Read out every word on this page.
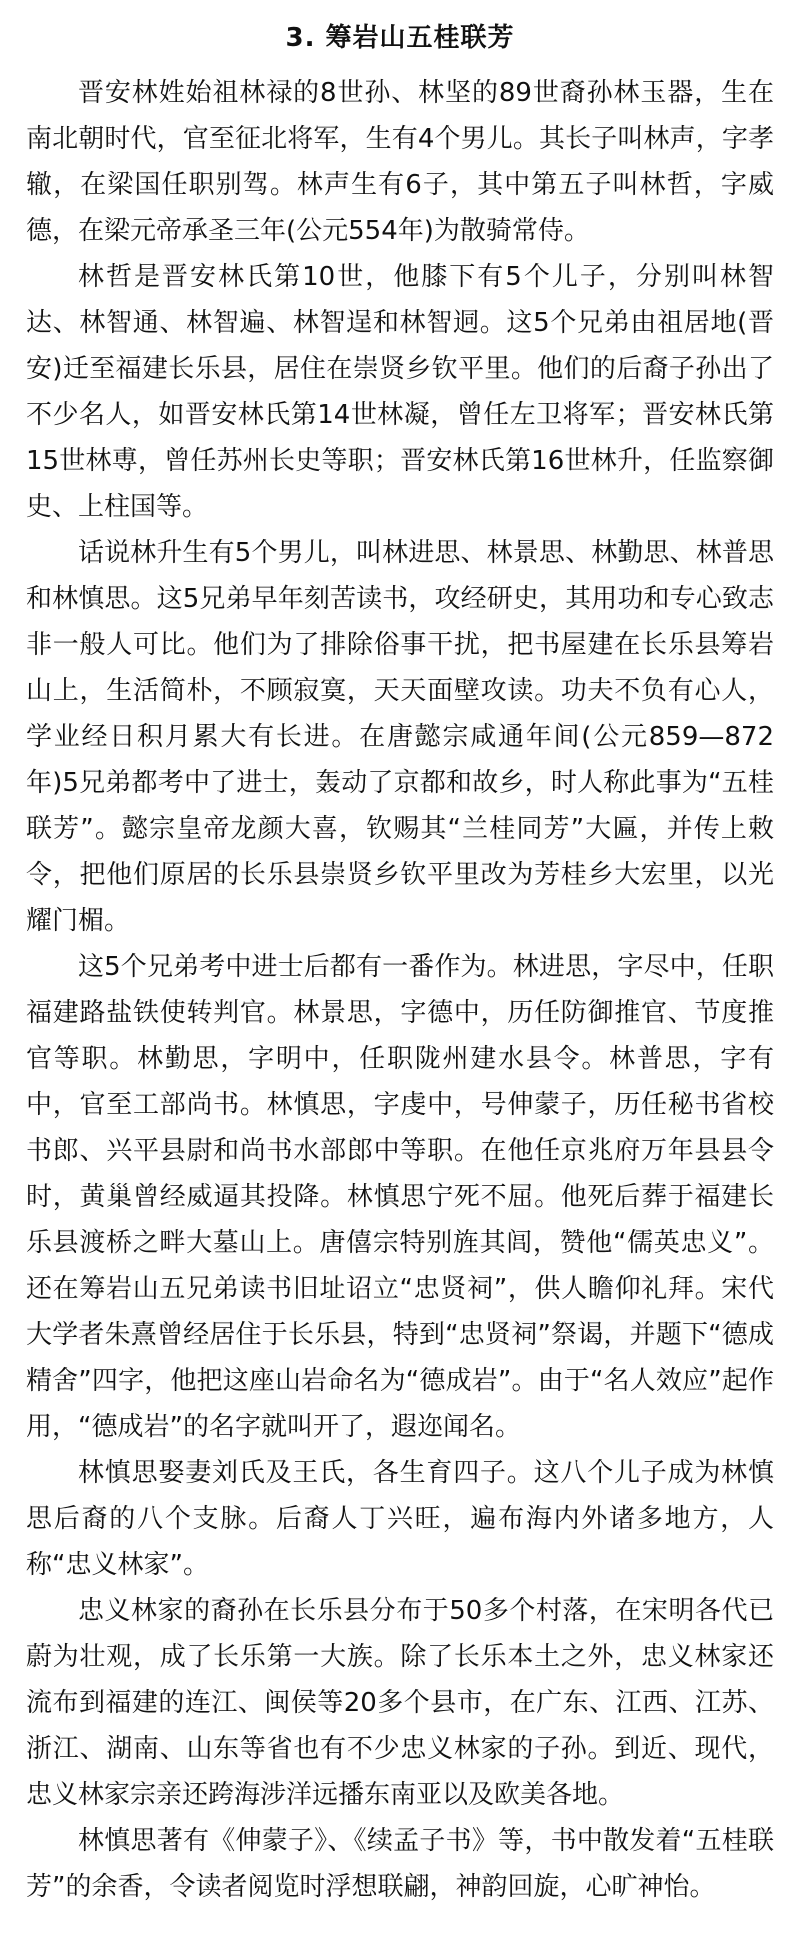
3. 筹岩山五桂联芳

晋安林姓始祖林禄的8世孙、林坚的89世裔孙林玉器，生在南北朝时代，官至征北将军，生有4个男儿。其长子叫林声，字孝辙，在梁国任职别驾。林声生有6子，其中第五子叫林哲，字威德，在梁元帝承圣三年(公元554年)为散骑常侍。

林哲是晋安林氏第10世，他膝下有5个儿子，分别叫林智达、林智通、林智遍、林智逞和林智迵。这5个兄弟由祖居地(晋安)迁至福建长乐县，居住在崇贤乡钦平里。他们的后裔子孙出了不少名人，如晋安林氏第14世林凝，曾任左卫将军；晋安林氏第15世林尃，曾任苏州长史等职；晋安林氏第16世林升，任监察御史、上柱国等。

话说林升生有5个男儿，叫林进思、林景思、林勤思、林普思和林慎思。这5兄弟早年刻苦读书，攻经研史，其用功和专心致志非一般人可比。他们为了排除俗事干扰，把书屋建在长乐县筹岩山上，生活简朴，不顾寂寞，天天面壁攻读。功夫不负有心人，学业经日积月累大有长进。在唐懿宗咸通年间(公元859—872年)5兄弟都考中了进士，轰动了京都和故乡，时人称此事为“五桂联芳”。懿宗皇帝龙颜大喜，钦赐其“兰桂同芳”大匾，并传上敕令，把他们原居的长乐县崇贤乡钦平里改为芳桂乡大宏里，以光耀门楣。

这5个兄弟考中进士后都有一番作为。林进思，字尽中，任职福建路盐铁使转判官。林景思，字德中，历任防御推官、节度推官等职。林勤思，字明中，任职陇州建水县令。林普思，字有中，官至工部尚书。林慎思，字虔中，号伸蒙子，历任秘书省校书郎、兴平县尉和尚书水部郎中等职。在他任京兆府万年县县令时，黄巢曾经威逼其投降。林慎思宁死不屈。他死后葬于福建长乐县渡桥之畔大墓山上。唐僖宗特别旌其闾，赞他“儒英忠义”。还在筹岩山五兄弟读书旧址诏立“忠贤祠”，供人瞻仰礼拜。宋代大学者朱熹曾经居住于长乐县，特到“忠贤祠”祭谒，并题下“德成精舍”四字，他把这座山岩命名为“德成岩”。由于“名人效应”起作用，“德成岩”的名字就叫开了，遐迩闻名。

林慎思娶妻刘氏及王氏，各生育四子。这八个儿子成为林慎思后裔的八个支脉。后裔人丁兴旺，遍布海内外诸多地方，人称“忠义林家”。

忠义林家的裔孙在长乐县分布于50多个村落，在宋明各代已蔚为壮观，成了长乐第一大族。除了长乐本土之外，忠义林家还流布到福建的连江、闽侯等20多个县市，在广东、江西、江苏、浙江、湖南、山东等省也有不少忠义林家的子孙。到近、现代，忠义林家宗亲还跨海涉洋远播东南亚以及欧美各地。

林慎思著有《伸蒙子》、《续孟子书》等，书中散发着“五桂联芳”的余香，令读者阅览时浮想联翩，神韵回旋，心旷神怡。
